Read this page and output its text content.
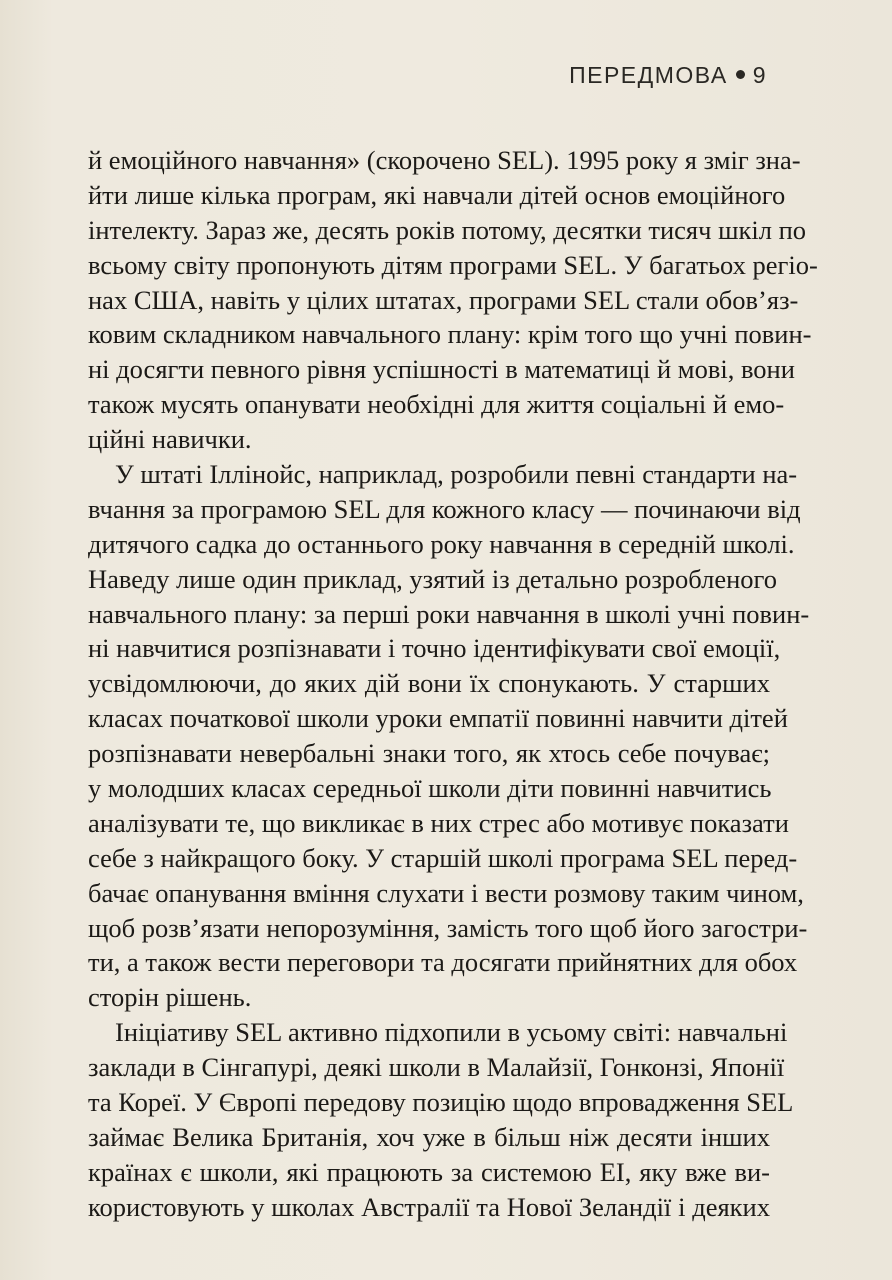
ПЕРЕДМОВА 9
й емоційного навчання» (скорочено SEL). 1995 року я зміг зна-
йти лише кілька програм, які навчали дітей основ емоційного
інтелекту. Зараз же, десять років потому, десятки тисяч шкіл по
всьому світу пропонують дітям програми SEL. У багатьох регіо-
нах США, навіть у цілих штатах, програми SEL стали обов’яз-
ковим складником навчального плану: крім того що учні повин-
ні досягти певного рівня успішності в математиці й мові, вони
також мусять опанувати необхідні для життя соціальні й емо-
ційні навички.
У штаті Іллінойс, наприклад, розробили певні стандарти на-
вчання за програмою SEL для кожного класу — починаючи від
дитячого садка до останнього року навчання в середній школі.
Наведу лише один приклад, узятий із детально розробленого
навчального плану: за перші роки навчання в школі учні повин-
ні навчитися розпізнавати і точно ідентифікувати свої емоції,
усвідомлюючи, до яких дій вони їх спонукають. У старших
класах початкової школи уроки емпатії повинні навчити дітей
розпізнавати невербальні знаки того, як хтось себе почуває;
у молодших класах середньої школи діти повинні навчитись
аналізувати те, що викликає в них стрес або мотивує показати
себе з найкращого боку. У старшій школі програма SEL перед-
бачає опанування вміння слухати і вести розмову таким чином,
щоб розв’язати непорозуміння, замість того щоб його загостри-
ти, а також вести переговори та досягати прийнятних для обох
сторін рішень.
Ініціативу SEL активно підхопили в усьому світі: навчальні
заклади в Сінгапурі, деякі школи в Малайзії, Гонконзі, Японії
та Кореї. У Європі передову позицію щодо впровадження SEL
займає Велика Британія, хоч уже в більш ніж десяти інших
країнах є школи, які працюють за системою ЕІ, яку вже ви-
користовують у школах Австралії та Нової Зеландії і деяких
